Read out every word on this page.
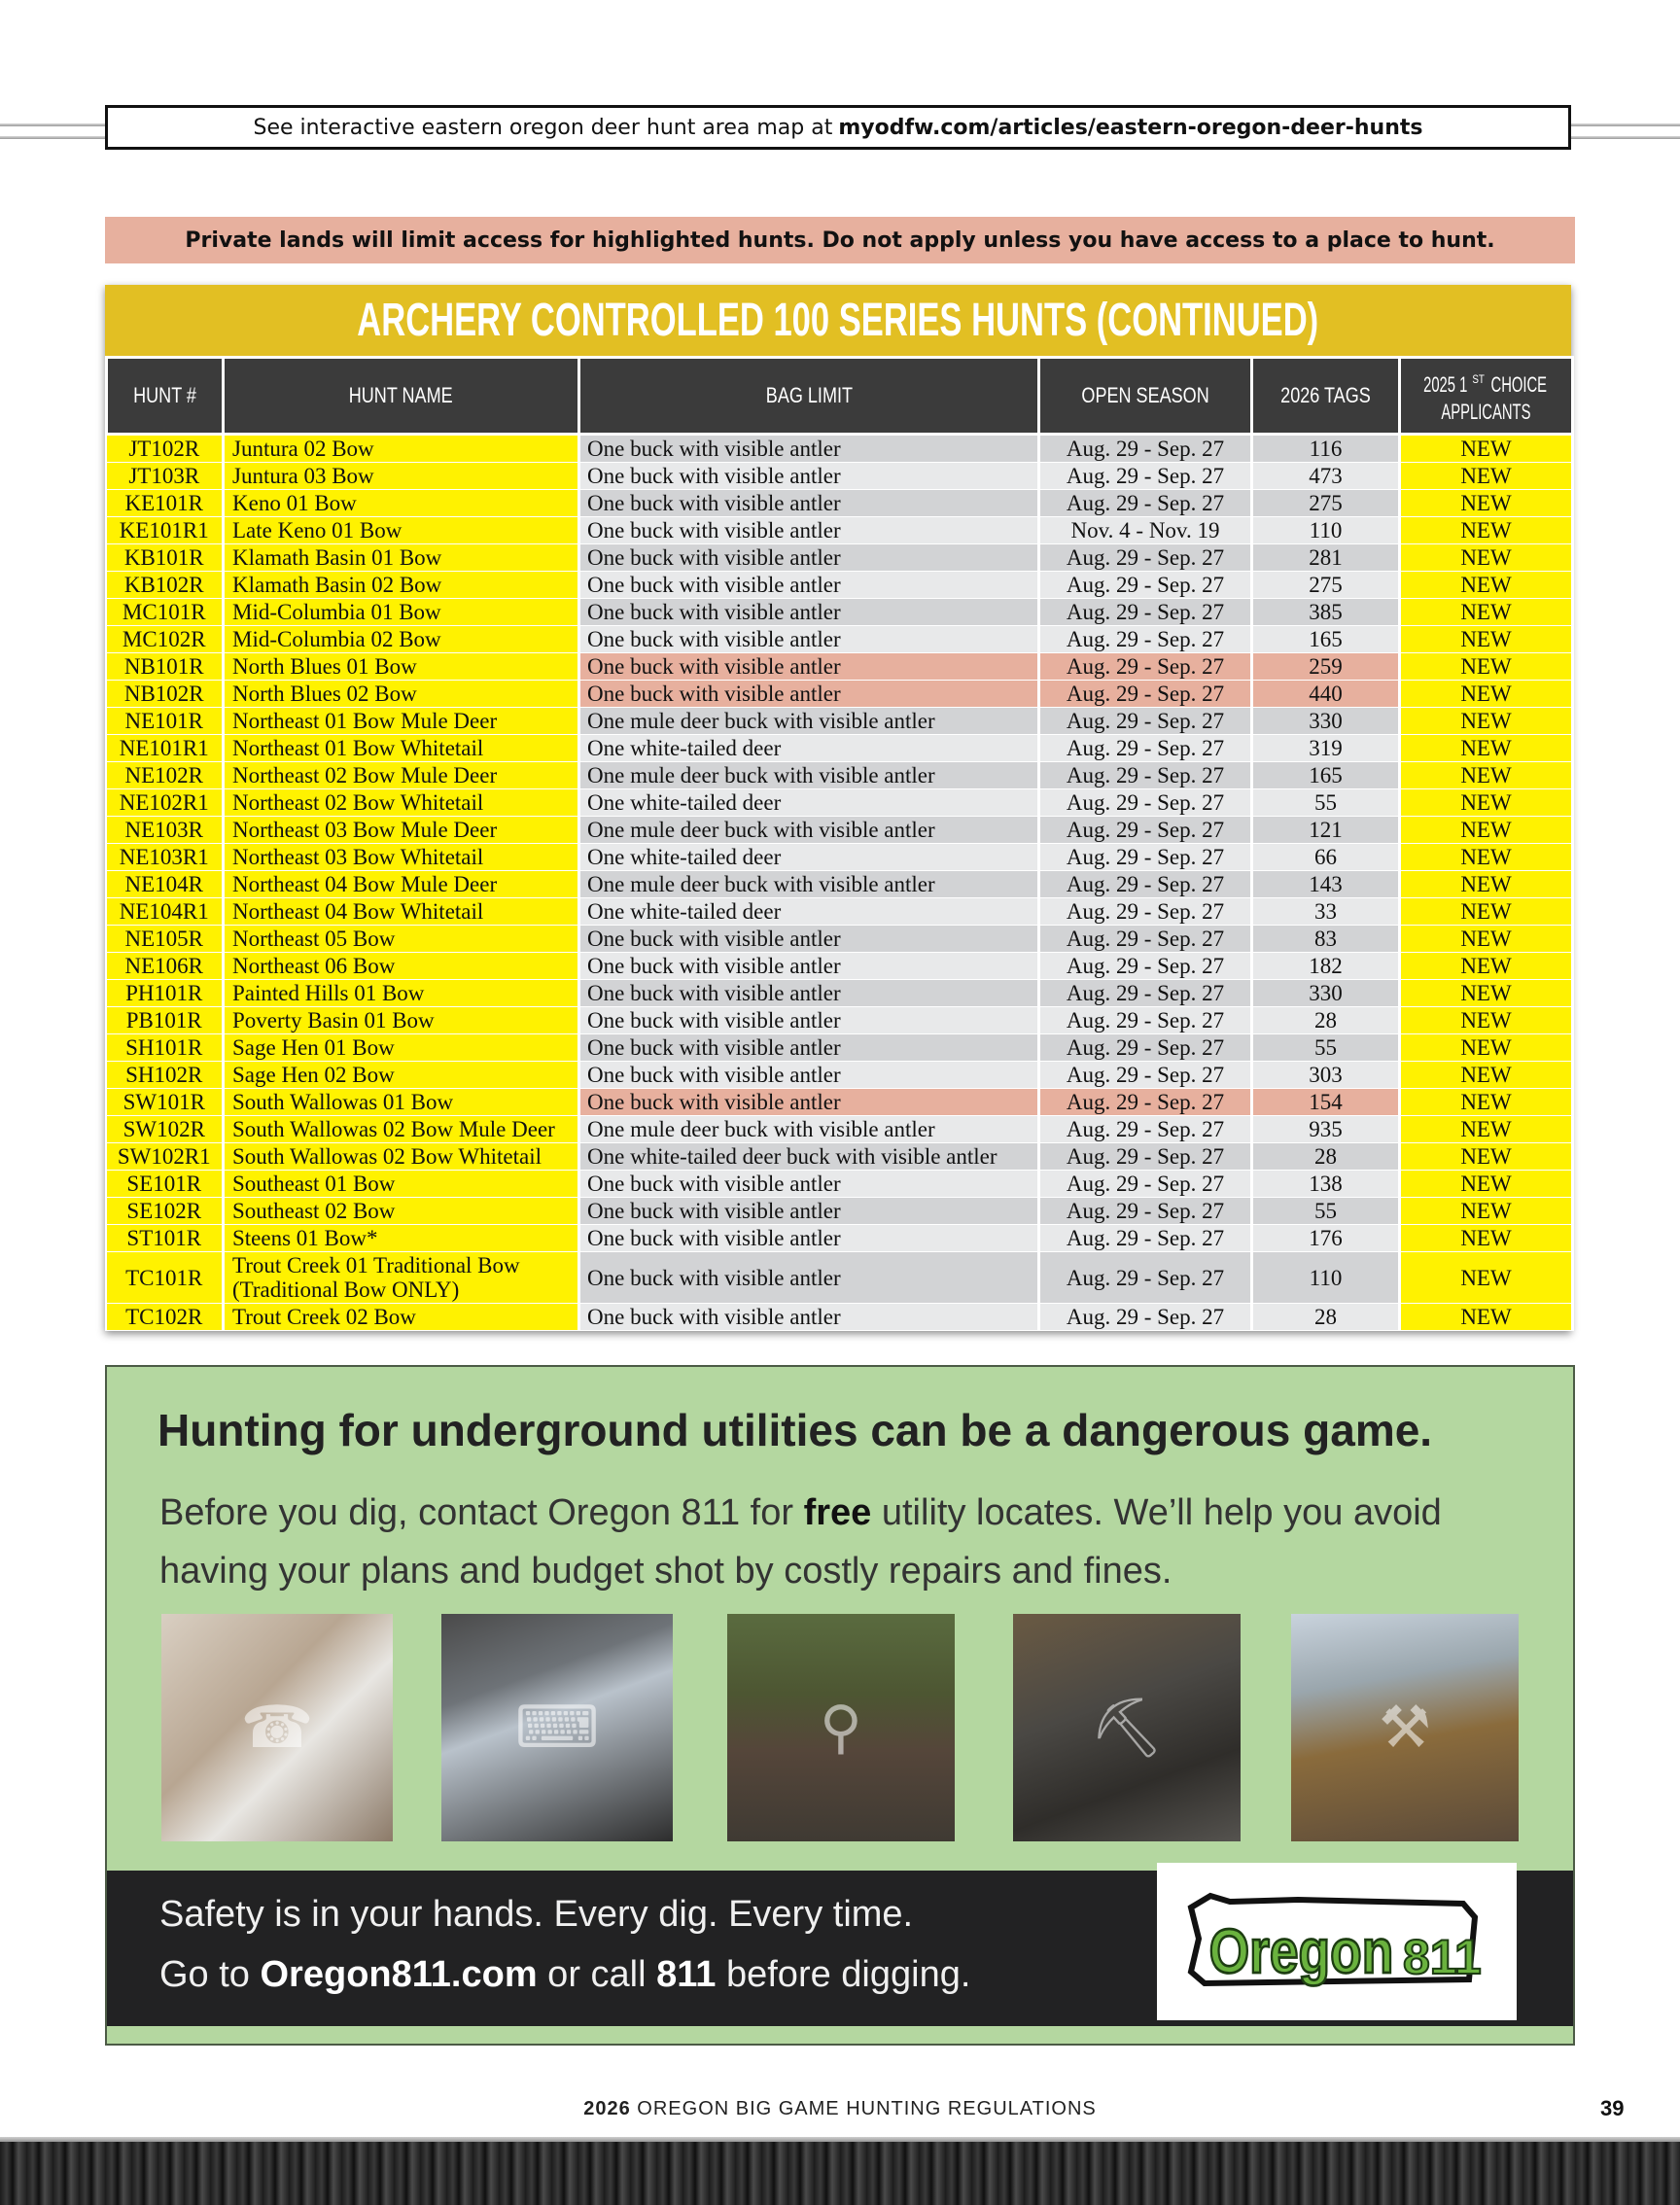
See interactive eastern oregon deer hunt area map at myodfw.com/articles/eastern-oregon-deer-hunts
Private lands will limit access for highlighted hunts. Do not apply unless you have access to a place to hunt.
ARCHERY CONTROLLED 100 SERIES HUNTS (CONTINUED)
HUNT #	HUNT NAME	BAG LIMIT	OPEN SEASON	2026 TAGS	2025 1 $^{ST}$CHOICE
APPLICANTS
JT102R	Juntura 02 Bow	One buck with visible antler	Aug. 29 - Sep. 27	116	NEW
JT103R	Juntura 03 Bow	One buck with visible antler	Aug. 29 - Sep. 27	473	NEW
KE101R	Keno 01 Bow	One buck with visible antler	Aug. 29 - Sep. 27	275	NEW
KE101R1	Late Keno 01 Bow	One buck with visible antler	Nov. 4 - Nov. 19	110	NEW
KB101R	Klamath Basin 01 Bow	One buck with visible antler	Aug. 29 - Sep. 27	281	NEW
KB102R	Klamath Basin 02 Bow	One buck with visible antler	Aug. 29 - Sep. 27	275	NEW
MC101R	Mid-Columbia 01 Bow	One buck with visible antler	Aug. 29 - Sep. 27	385	NEW
MC102R	Mid-Columbia 02 Bow	One buck with visible antler	Aug. 29 - Sep. 27	165	NEW
NB101R	North Blues 01 Bow	One buck with visible antler	Aug. 29 - Sep. 27	259	NEW
NB102R	North Blues 02 Bow	One buck with visible antler	Aug. 29 - Sep. 27	440	NEW
NE101R	Northeast 01 Bow Mule Deer	One mule deer buck with visible antler	Aug. 29 - Sep. 27	330	NEW
NE101R1	Northeast 01 Bow Whitetail	One white-tailed deer	Aug. 29 - Sep. 27	319	NEW
NE102R	Northeast 02 Bow Mule Deer	One mule deer buck with visible antler	Aug. 29 - Sep. 27	165	NEW
NE102R1	Northeast 02 Bow Whitetail	One white-tailed deer	Aug. 29 - Sep. 27	55	NEW
NE103R	Northeast 03 Bow Mule Deer	One mule deer buck with visible antler	Aug. 29 - Sep. 27	121	NEW
NE103R1	Northeast 03 Bow Whitetail	One white-tailed deer	Aug. 29 - Sep. 27	66	NEW
NE104R	Northeast 04 Bow Mule Deer	One mule deer buck with visible antler	Aug. 29 - Sep. 27	143	NEW
NE104R1	Northeast 04 Bow Whitetail	One white-tailed deer	Aug. 29 - Sep. 27	33	NEW
NE105R	Northeast 05 Bow	One buck with visible antler	Aug. 29 - Sep. 27	83	NEW
NE106R	Northeast 06 Bow	One buck with visible antler	Aug. 29 - Sep. 27	182	NEW
PH101R	Painted Hills 01 Bow	One buck with visible antler	Aug. 29 - Sep. 27	330	NEW
PB101R	Poverty Basin 01 Bow	One buck with visible antler	Aug. 29 - Sep. 27	28	NEW
SH101R	Sage Hen 01 Bow	One buck with visible antler	Aug. 29 - Sep. 27	55	NEW
SH102R	Sage Hen 02 Bow	One buck with visible antler	Aug. 29 - Sep. 27	303	NEW
SW101R	South Wallowas 01 Bow	One buck with visible antler	Aug. 29 - Sep. 27	154	NEW
SW102R	South Wallowas 02 Bow Mule Deer	One mule deer buck with visible antler	Aug. 29 - Sep. 27	935	NEW
SW102R1	South Wallowas 02 Bow Whitetail	One white-tailed deer buck with visible antler	Aug. 29 - Sep. 27	28	NEW
SE101R	Southeast 01 Bow	One buck with visible antler	Aug. 29 - Sep. 27	138	NEW
SE102R	Southeast 02 Bow	One buck with visible antler	Aug. 29 - Sep. 27	55	NEW
ST101R	Steens 01 Bow*	One buck with visible antler	Aug. 29 - Sep. 27	176	NEW
TC101R	Trout Creek 01 Traditional Bow (Traditional Bow ONLY)	One buck with visible antler	Aug. 29 - Sep. 27	110	NEW
TC102R	Trout Creek 02 Bow	One buck with visible antler	Aug. 29 - Sep. 27	28	NEW
Hunting for underground utilities can be a dangerous game.
Before you dig, contact Oregon 811 for free utility locates. We’ll help you avoid having your plans and budget shot by costly repairs and fines.
☎	⌨	⚲	⛏	⚒
Safety is in your hands. Every dig. Every time.
Go to Oregon811.com or call 811 before digging.	Oregon 811
2026 OREGON BIG GAME HUNTING REGULATIONS	39
